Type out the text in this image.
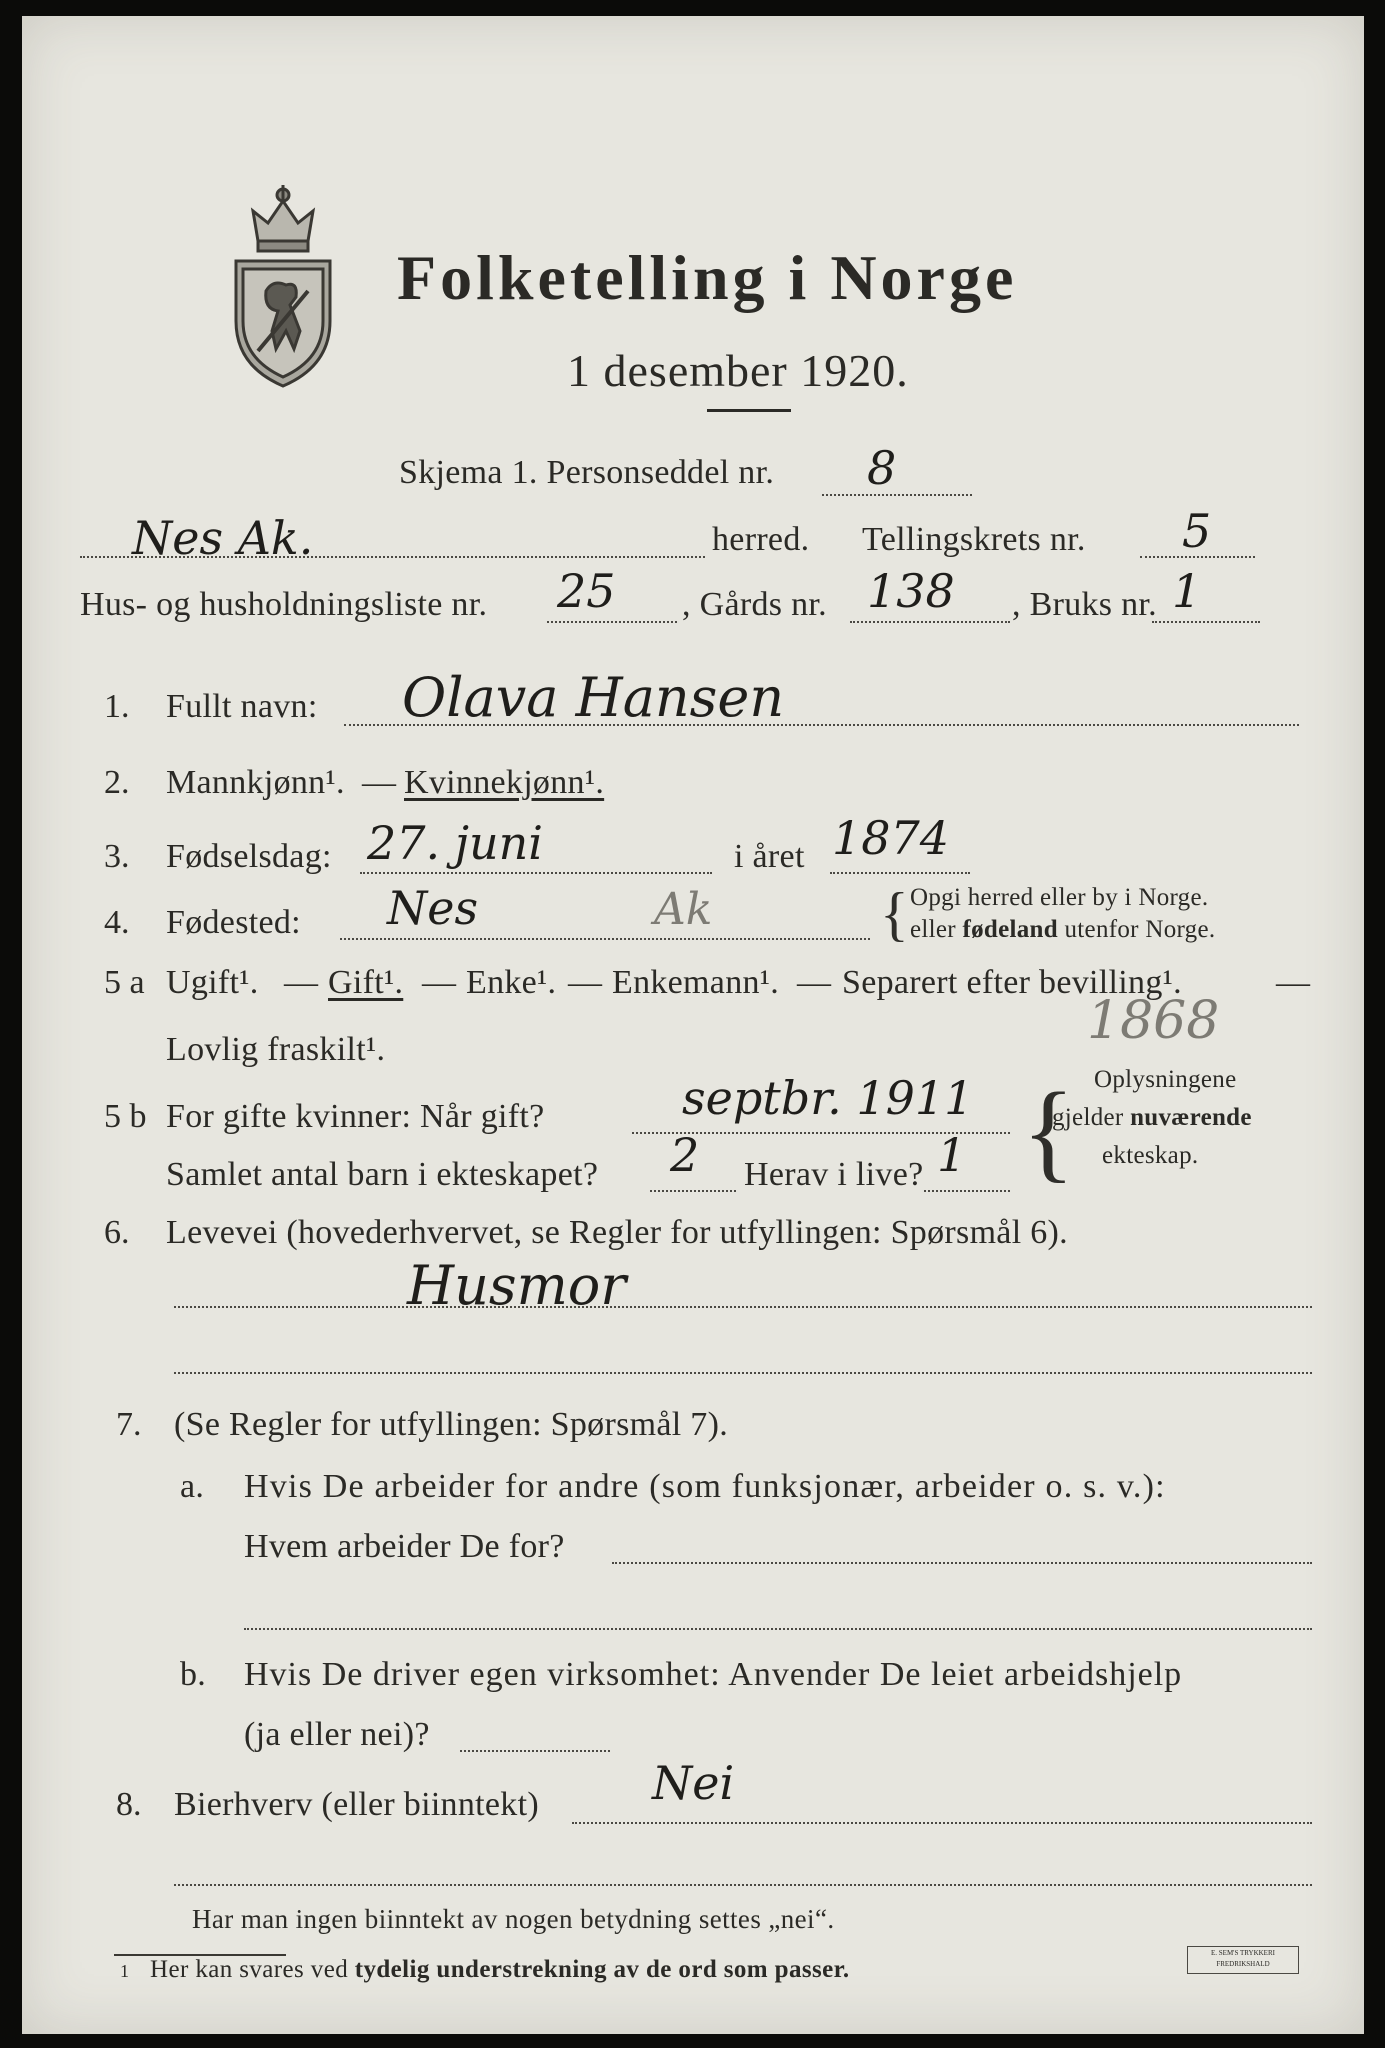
Folketelling i Norge
1 desember 1920.
Skjema 1. Personseddel nr. 8
Nes Ak.	herred. Tellingskrets nr. 5
Hus- og husholdningsliste nr. 25 , Gårds nr. 138 , Bruks nr. 1
1. Fullt navn: Olava Hansen
2. Mannkjønn¹. — Kvinnekjønn¹.
3. Fødselsdag: 27. juni	i året 1874
4. Fødested: Nes	Ak	{ Opgi herred eller by i Norge.
eller fødeland utenfor Norge.
5 a Ugift¹. — Gift¹. — Enke¹. — Enkemann¹. — Separert efter bevilling¹.	—
Lovlig fraskilt¹.	1868
5 b For gifte kvinner: Når gift?	septbr. 1911
Samlet antal barn i ekteskapet? 2 Herav i live? 1 { Oplysningene
gjelder nuværende
ekteskap.
6. Levevei (hovederhvervet, se Regler for utfyllingen: Spørsmål 6).
Husmor
7. (Se Regler for utfyllingen: Spørsmål 7).
a. Hvis De arbeider for andre (som funksjonær, arbeider o. s. v.):
Hvem arbeider De for?
b. Hvis De driver egen virksomhet: Anvender De leiet arbeidshjelp
(ja eller nei)?
8. Bierhverv (eller biinntekt) Nei
Har man ingen biinntekt av nogen betydning settes „nei“.
1 Her kan svares ved tydelig understrekning av de ord som passer.
E. SEM'S TRYKKERI FREDRIKSHALD
